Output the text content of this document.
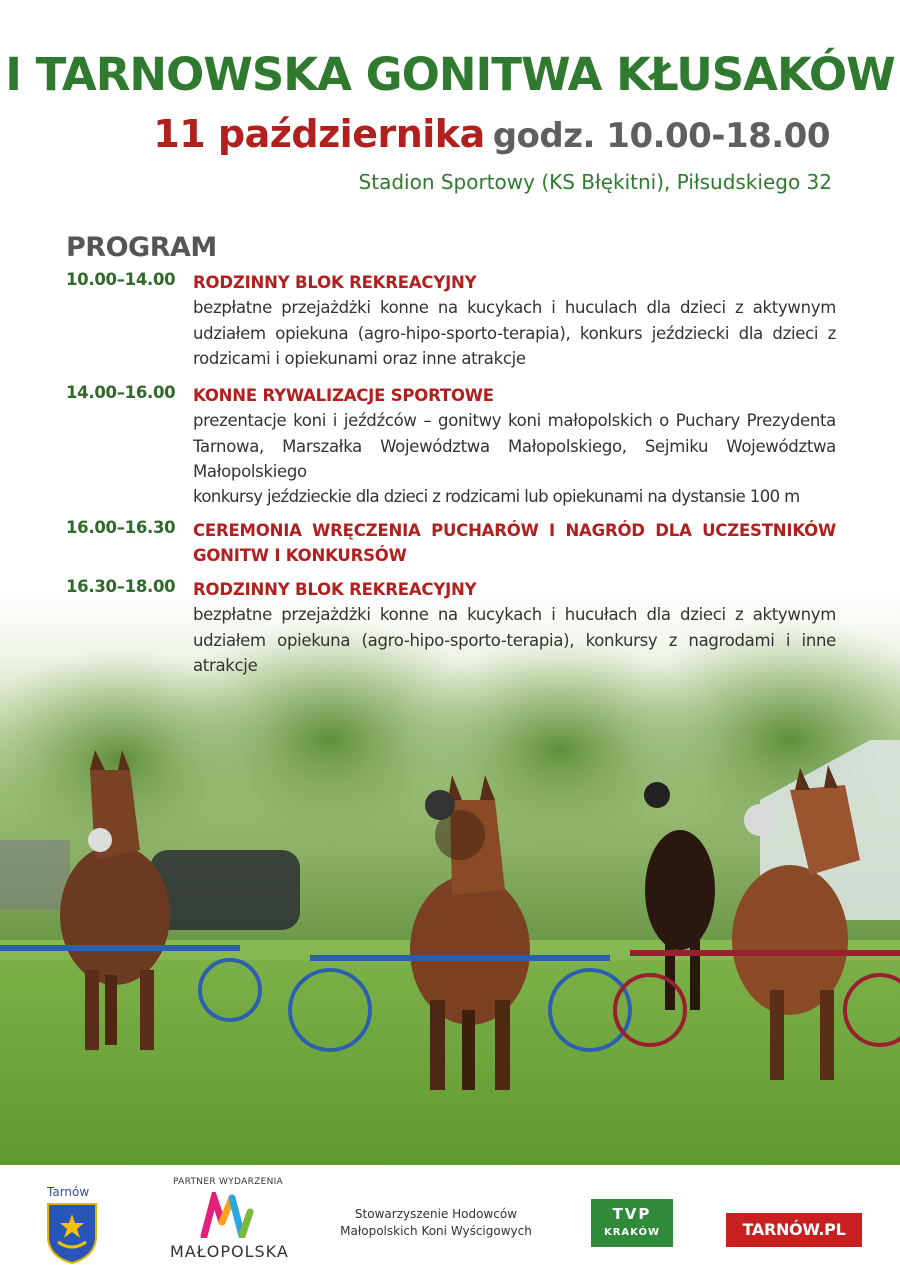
I TARNOWSKA GONITWA KŁUSAKÓW
11 października godz. 10.00-18.00
Stadion Sportowy (KS Błękitni), Piłsudskiego 32
PROGRAM
10.00–14.00	RODZINNY BLOK REKREACYJNY
bezpłatne przejażdżki konne na kucykach i huculach dla dzieci z aktywnym udziałem opiekuna (agro-hipo-sporto-terapia), konkurs jeździecki dla dzieci z rodzicami i opiekunami oraz inne atrakcje
14.00–16.00	KONNE RYWALIZACJE SPORTOWE
prezentacje koni i jeźdźców – gonitwy koni małopolskich o Puchary Prezydenta Tarnowa, Marszałka Województwa Małopolskiego, Sejmiku Województwa Małopolskiego
konkursy jeździeckie dla dzieci z rodzicami lub opiekunami na dystansie 100 m
16.00–16.30	CEREMONIA WRĘCZENIA PUCHARÓW I NAGRÓD DLA UCZESTNIKÓW GONITW I KONKURSÓW
16.30–18.00	RODZINNY BLOK REKREACYJNY
bezpłatne przejażdżki konne na kucykach i hucułach dla dzieci z aktywnym udziałem opiekuna (agro-hipo-sporto-terapia), konkursy z nagrodami i inne atrakcje
Tarnów
PARTNER WYDARZENIA
MAŁOPOLSKA
Stowarzyszenie Hodowców
Małopolskich Koni Wyścigowych
TVP
KRAKÓW	TARNÓW.PL
